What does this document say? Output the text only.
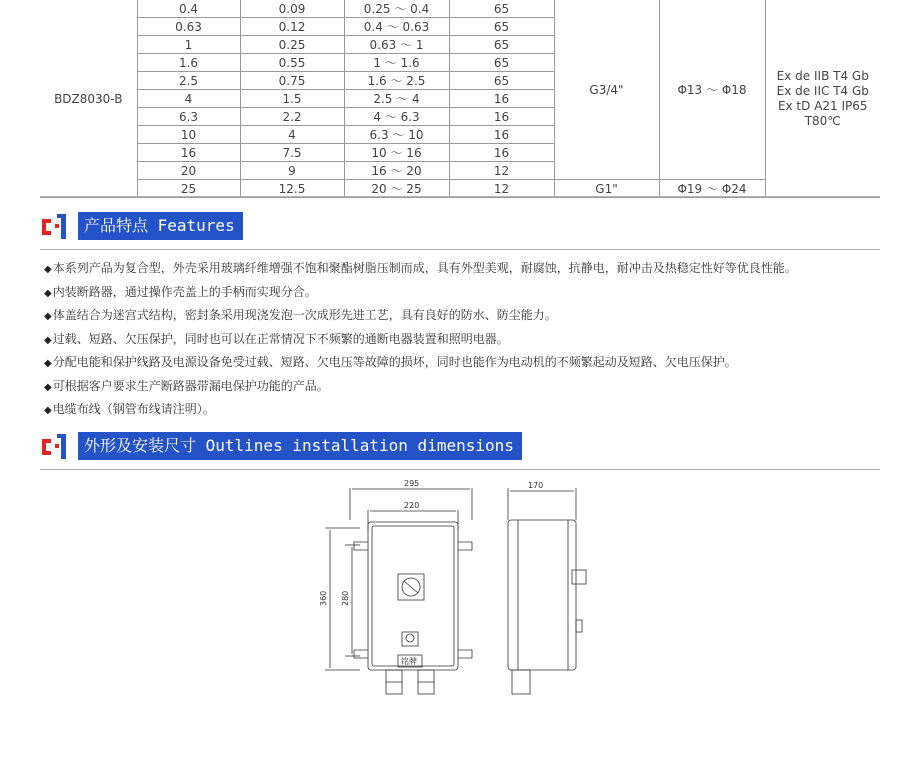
BDZ8030-B	0.4	0.09	0.25 ～ 0.4	65	G3/4"	Φ13 ～ Φ18	Ex de IIB T4 Gb
Ex de IIC T4 Gb
Ex tD A21 IP65
T80℃

	0.63	0.12	0.4 ～ 0.63	65			
	1	0.25	0.63 ～ 1	65			
	1.6	0.55	1 ～ 1.6	65			
	2.5	0.75	1.6 ～ 2.5	65			
	4	1.5	2.5 ～ 4	16			
	6.3	2.2	4 ～ 6.3	16			
	10	4	6.3 ～ 10	16			
	16	7.5	10 ～ 16	16			
	20	9	16 ～ 20	12			
	25	12.5	20 ～ 25	12	G1"	Φ19 ～ Φ24	
产品特点 Features
◆本系列产品为复合型，外壳采用玻璃纤维增强不饱和聚酯树脂压制而成，具有外型美观，耐腐蚀，抗静电，耐冲击及热稳定性好等优良性能。
◆内装断路器，通过操作壳盖上的手柄而实现分合。
◆体盖结合为迷宫式结构，密封条采用现浇发泡一次成形先进工艺，具有良好的防水、防尘能力。
◆过载、短路、欠压保护，同时也可以在正常情况下不频繁的通断电器装置和照明电器。
◆分配电能和保护线路及电源设备免受过载、短路、欠电压等故障的损坏，同时也能作为电动机的不频繁起动及短路、欠电压保护。
◆可根据客户要求生产断路器带漏电保护功能的产品。
◆电缆布线（钢管布线请注明）。
外形及安装尺寸 Outlines installation dimensions
295
220
170
360 280
铭牌
